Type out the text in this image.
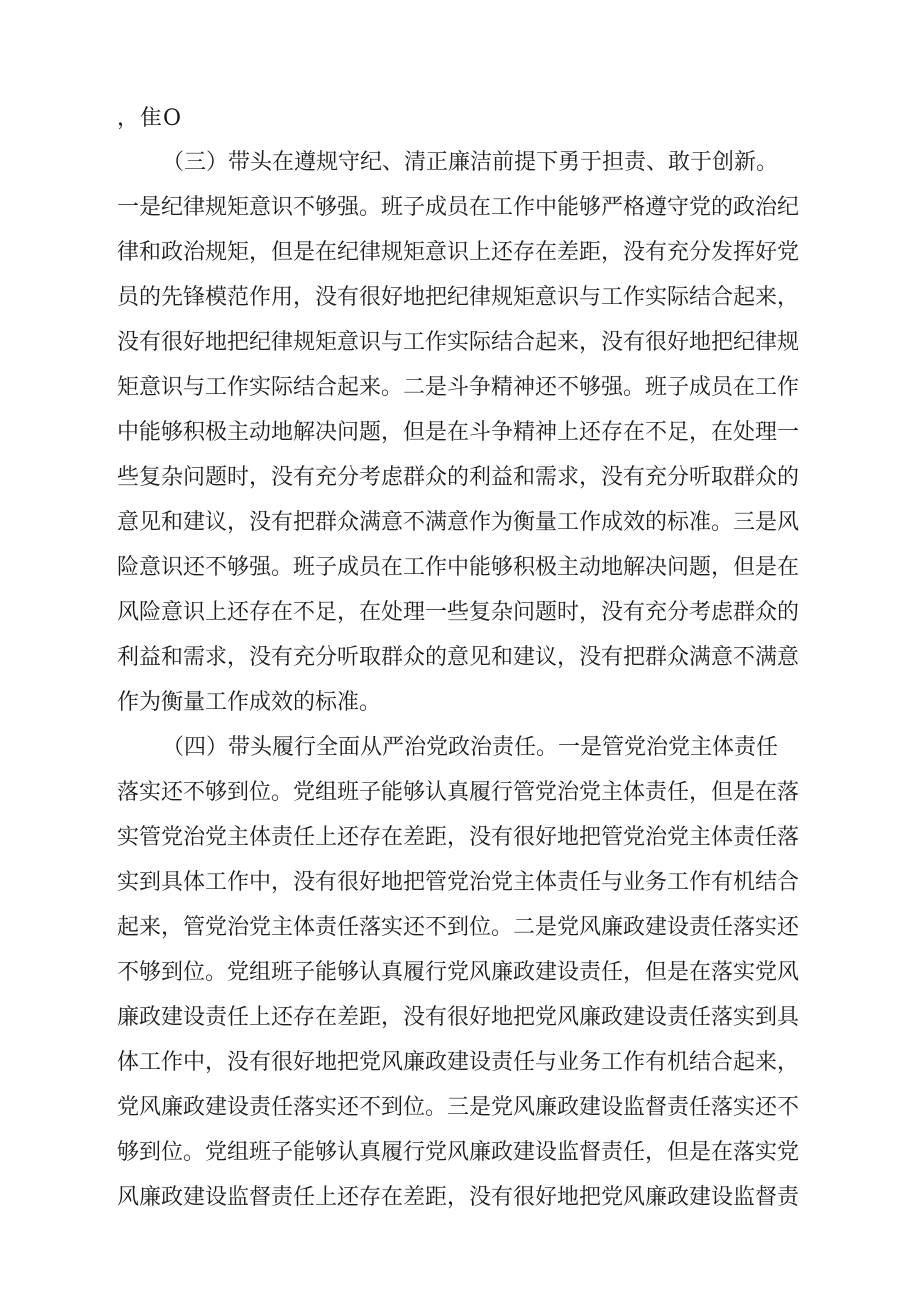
，隹O
（三）带头在遵规守纪、清正廉洁前提下勇于担责、敢于创新。
一是纪律规矩意识不够强。班子成员在工作中能够严格遵守党的政治纪
律和政治规矩，但是在纪律规矩意识上还存在差距，没有充分发挥好党
员的先锋模范作用，没有很好地把纪律规矩意识与工作实际结合起来，
没有很好地把纪律规矩意识与工作实际结合起来，没有很好地把纪律规
矩意识与工作实际结合起来。二是斗争精神还不够强。班子成员在工作
中能够积极主动地解决问题，但是在斗争精神上还存在不足，在处理一
些复杂问题时，没有充分考虑群众的利益和需求，没有充分听取群众的
意见和建议，没有把群众满意不满意作为衡量工作成效的标准。三是风
险意识还不够强。班子成员在工作中能够积极主动地解决问题，但是在
风险意识上还存在不足，在处理一些复杂问题时，没有充分考虑群众的
利益和需求，没有充分听取群众的意见和建议，没有把群众满意不满意
作为衡量工作成效的标准。
（四）带头履行全面从严治党政治责任。一是管党治党主体责任
落实还不够到位。党组班子能够认真履行管党治党主体责任，但是在落
实管党治党主体责任上还存在差距，没有很好地把管党治党主体责任落
实到具体工作中，没有很好地把管党治党主体责任与业务工作有机结合
起来，管党治党主体责任落实还不到位。二是党风廉政建设责任落实还
不够到位。党组班子能够认真履行党风廉政建设责任，但是在落实党风
廉政建设责任上还存在差距，没有很好地把党风廉政建设责任落实到具
体工作中，没有很好地把党风廉政建设责任与业务工作有机结合起来，
党风廉政建设责任落实还不到位。三是党风廉政建设监督责任落实还不
够到位。党组班子能够认真履行党风廉政建设监督责任，但是在落实党
风廉政建设监督责任上还存在差距，没有很好地把党风廉政建设监督责
